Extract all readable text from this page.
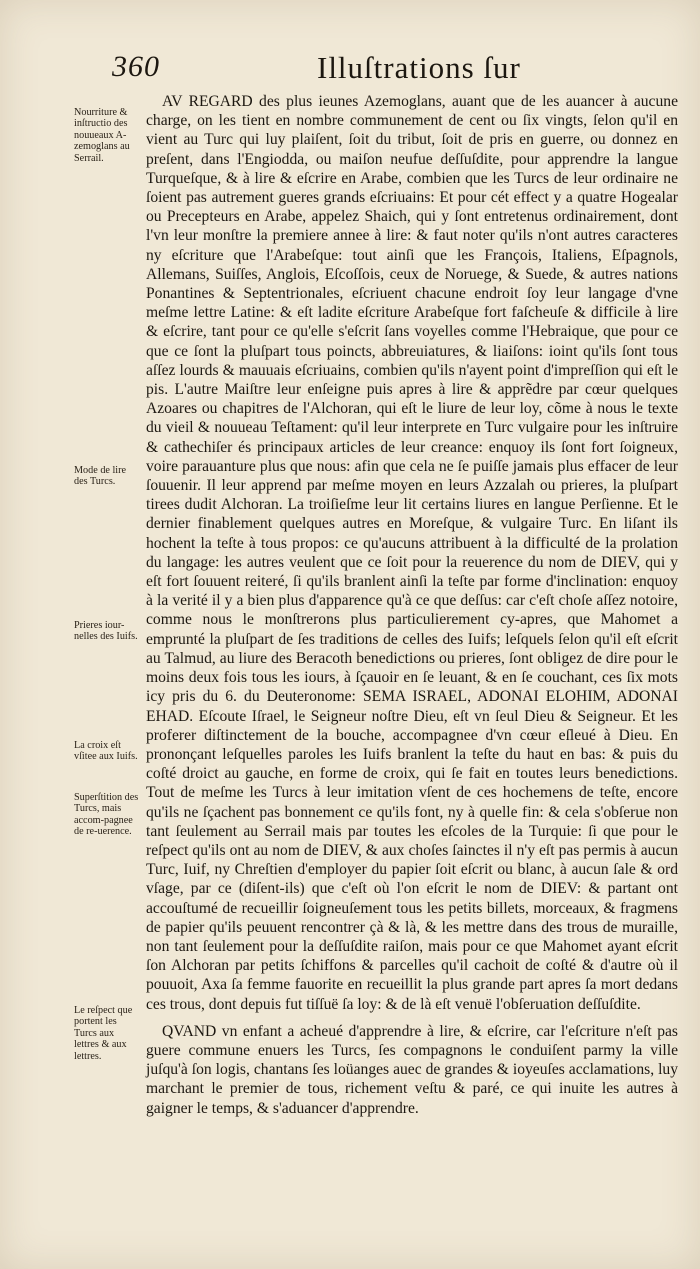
360	Illuſtrations ſur
Nourriture & inſtructio des nouueaux A-zemoglans au Serrail.
Mode de lire des Turcs.
Prieres iour-nelles des Iuifs.
La croix eſt vſitee aux Iuifs.
Superſtition des Turcs, mais accom-pagnee de re-uerence.
Le reſpect que portent les Turcs aux lettres & aux lettres.

AV REGARD des plus ieunes Azemoglans, auant que de les auancer à aucune charge, on les tient en nombre communement de cent ou ſix vingts, ſelon qu'il en vient au Turc qui luy plaiſent, ſoit du tribut, ſoit de pris en guerre, ou donnez en preſent, dans l'Engiodda, ou maiſon neufue deſſuſdite, pour apprendre la langue Turqueſque, & à lire & eſcrire en Arabe, combien que les Turcs de leur ordinaire ne ſoient pas autrement gueres grands eſcriuains: Et pour cét effect y a quatre Hogealar ou Precepteurs en Arabe, appelez Shaich, qui y ſont entretenus ordinairement, dont l'vn leur monſtre la premiere annee à lire: & faut noter qu'ils n'ont autres caracteres ny eſcriture que l'Arabeſque: tout ainſi que les François, Italiens, Eſpagnols, Allemans, Suiſſes, Anglois, Eſcoſſois, ceux de Noruege, & Suede, & autres nations Ponantines & Septentrionales, eſcriuent chacune endroit ſoy leur langage d'vne meſme lettre Latine: & eſt ladite eſcriture Arabeſque fort faſcheuſe & difficile à lire & eſcrire, tant pour ce qu'elle s'eſcrit ſans voyelles comme l'Hebraique, que pour ce que ce ſont la pluſpart tous poincts, abbreuiatures, & liaiſons: ioint qu'ils ſont tous aſſez lourds & mauuais eſcriuains, combien qu'ils n'ayent point d'impreſſion qui eſt le pis. L'autre Maiſtre leur enſeigne puis apres à lire & apprẽdre par cœur quelques Azoares ou chapitres de l'Alchoran, qui eſt le liure de leur loy, cõme à nous le texte du vieil & nouueau Teſtament: qu'il leur interprete en Turc vulgaire pour les inſtruire & cathechiſer és principaux articles de leur creance: enquoy ils ſont fort ſoigneux, voire parauanture plus que nous: afin que cela ne ſe puiſſe jamais plus effacer de leur ſouuenir. Il leur apprend par meſme moyen en leurs Azzalah ou prieres, la pluſpart tirees dudit Alchoran. La troiſieſme leur lit certains liures en langue Perſienne. Et le dernier finablement quelques autres en Moreſque, & vulgaire Turc. En liſant ils hochent la teſte à tous propos: ce qu'aucuns attribuent à la difficulté de la prolation du langage: les autres veulent que ce ſoit pour la reuerence du nom de DIEV, qui y eſt fort ſouuent reiteré, ſi qu'ils branlent ainſi la teſte par forme d'inclination: enquoy à la verité il y a bien plus d'apparence qu'à ce que deſſus: car c'eſt choſe aſſez notoire, comme nous le monſtrerons plus particulierement cy-apres, que Mahomet a emprunté la pluſpart de ſes traditions de celles des Iuifs; leſquels ſelon qu'il eſt eſcrit au Talmud, au liure des Beracoth benedictions ou prieres, ſont obligez de dire pour le moins deux fois tous les iours, à ſçauoir en ſe leuant, & en ſe couchant, ces ſix mots icy pris du 6. du Deuteronome: SEMA ISRAEL, ADONAI ELOHIM, ADONAI EHAD. Eſcoute Iſrael, le Seigneur noſtre Dieu, eſt vn ſeul Dieu & Seigneur. Et les proferer diſtinctement de la bouche, accompagnee d'vn cœur eſleué à Dieu. En prononçant leſquelles paroles les Iuifs branlent la teſte du haut en bas: & puis du coſté droict au gauche, en forme de croix, qui ſe fait en toutes leurs benedictions. Tout de meſme les Turcs à leur imitation vſent de ces hochemens de teſte, encore qu'ils ne ſçachent pas bonnement ce qu'ils font, ny à quelle fin: & cela s'obſerue non tant ſeulement au Serrail mais par toutes les eſcoles de la Turquie: ſi que pour le reſpect qu'ils ont au nom de DIEV, & aux choſes ſainctes il n'y eſt pas permis à aucun Turc, Iuif, ny Chreſtien d'employer du papier ſoit eſcrit ou blanc, à aucun ſale & ord vſage, par ce (diſent-ils) que c'eſt où l'on eſcrit le nom de DIEV: & partant ont accouſtumé de recueillir ſoigneuſement tous les petits billets, morceaux, & fragmens de papier qu'ils peuuent rencontrer çà & là, & les mettre dans des trous de muraille, non tant ſeulement pour la deſſuſdite raiſon, mais pour ce que Mahomet ayant eſcrit ſon Alchoran par petits ſchiffons & parcelles qu'il cachoit de coſté & d'autre où il pouuoit, Axa ſa femme fauorite en recueillit la plus grande part apres ſa mort dedans ces trous, dont depuis fut tiſſuë ſa loy: & de là eſt venuë l'obſeruation deſſuſdite.

QVAND vn enfant a acheué d'apprendre à lire, & eſcrire, car l'eſcriture n'eſt pas guere commune enuers les Turcs, ſes compagnons le conduiſent parmy la ville juſqu'à ſon logis, chantans ſes loüanges auec de grandes & ioyeuſes acclamations, luy marchant le premier de tous, richement veſtu & paré, ce qui inuite les autres à gaigner le temps, & s'aduancer d'apprendre.
